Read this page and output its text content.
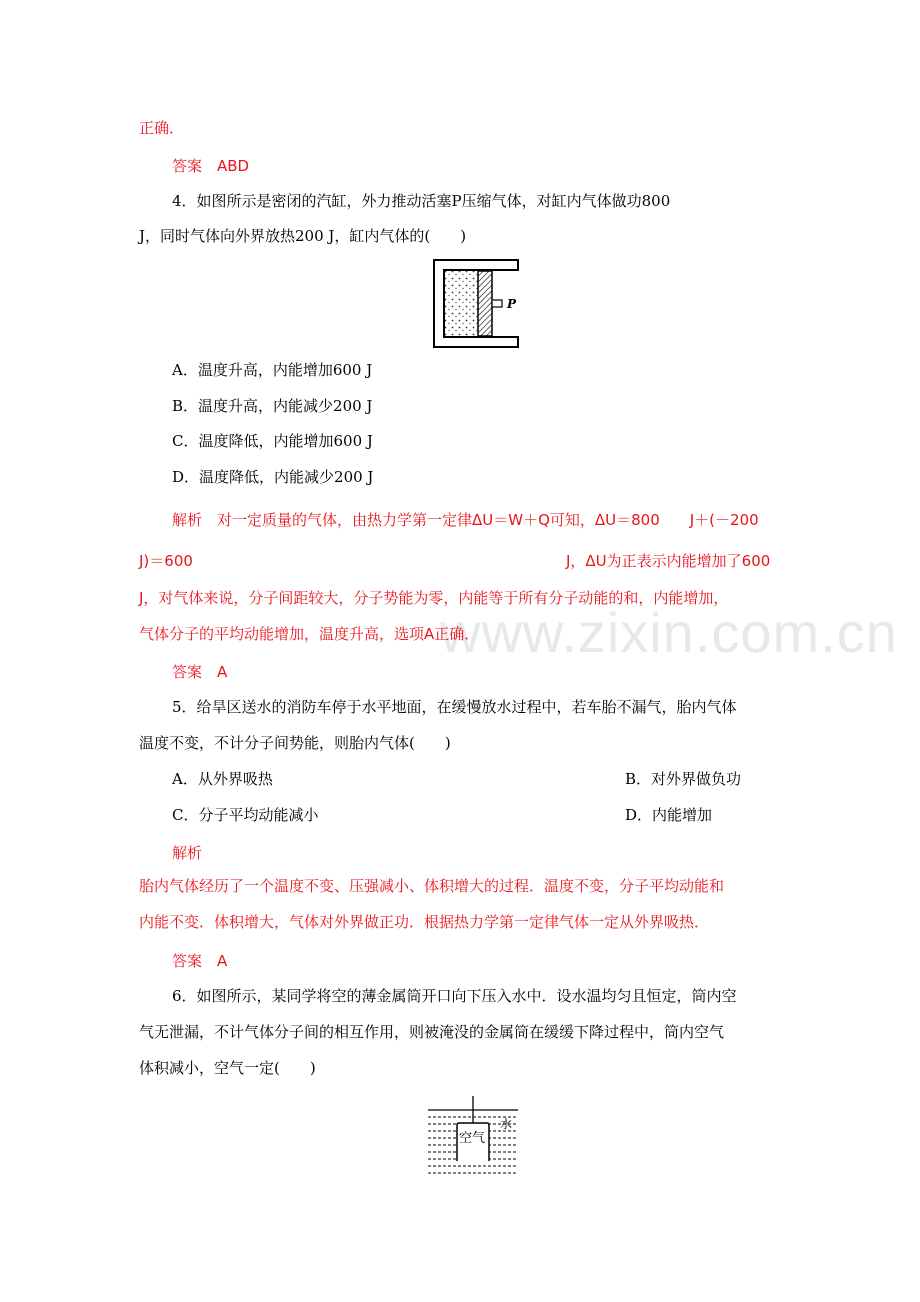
www.zixin.com.cn
正确．
答案　ABD
4．如图所示是密闭的汽缸，外力推动活塞P压缩气体，对缸内气体做功800
J，同时气体向外界放热200 J，缸内气体的(　　)
P
A．温度升高，内能增加600 J
B．温度升高，内能减少200 J
C．温度降低，内能增加600 J
D．温度降低，内能减少200 J
解析　对一定质量的气体，由热力学第一定律ΔU＝W＋Q可知，ΔU＝800　　J＋(－200
J)＝600	J，ΔU为正表示内能增加了600
J，对气体来说，分子间距较大，分子势能为零，内能等于所有分子动能的和，内能增加，
气体分子的平均动能增加，温度升高，选项A正确．
答案　A
5．给旱区送水的消防车停于水平地面，在缓慢放水过程中，若车胎不漏气，胎内气体
温度不变，不计分子间势能，则胎内气体(　　)
A．从外界吸热	B．对外界做负功
C．分子平均动能减小	D．内能增加
解析
胎内气体经历了一个温度不变、压强减小、体积增大的过程．温度不变，分子平均动能和
内能不变．体积增大，气体对外界做正功．根据热力学第一定律气体一定从外界吸热．
答案　A
6．如图所示，某同学将空的薄金属筒开口向下压入水中．设水温均匀且恒定，筒内空
气无泄漏，不计气体分子间的相互作用，则被淹没的金属筒在缓缓下降过程中，筒内空气
体积减小，空气一定(　　)
空气
水
